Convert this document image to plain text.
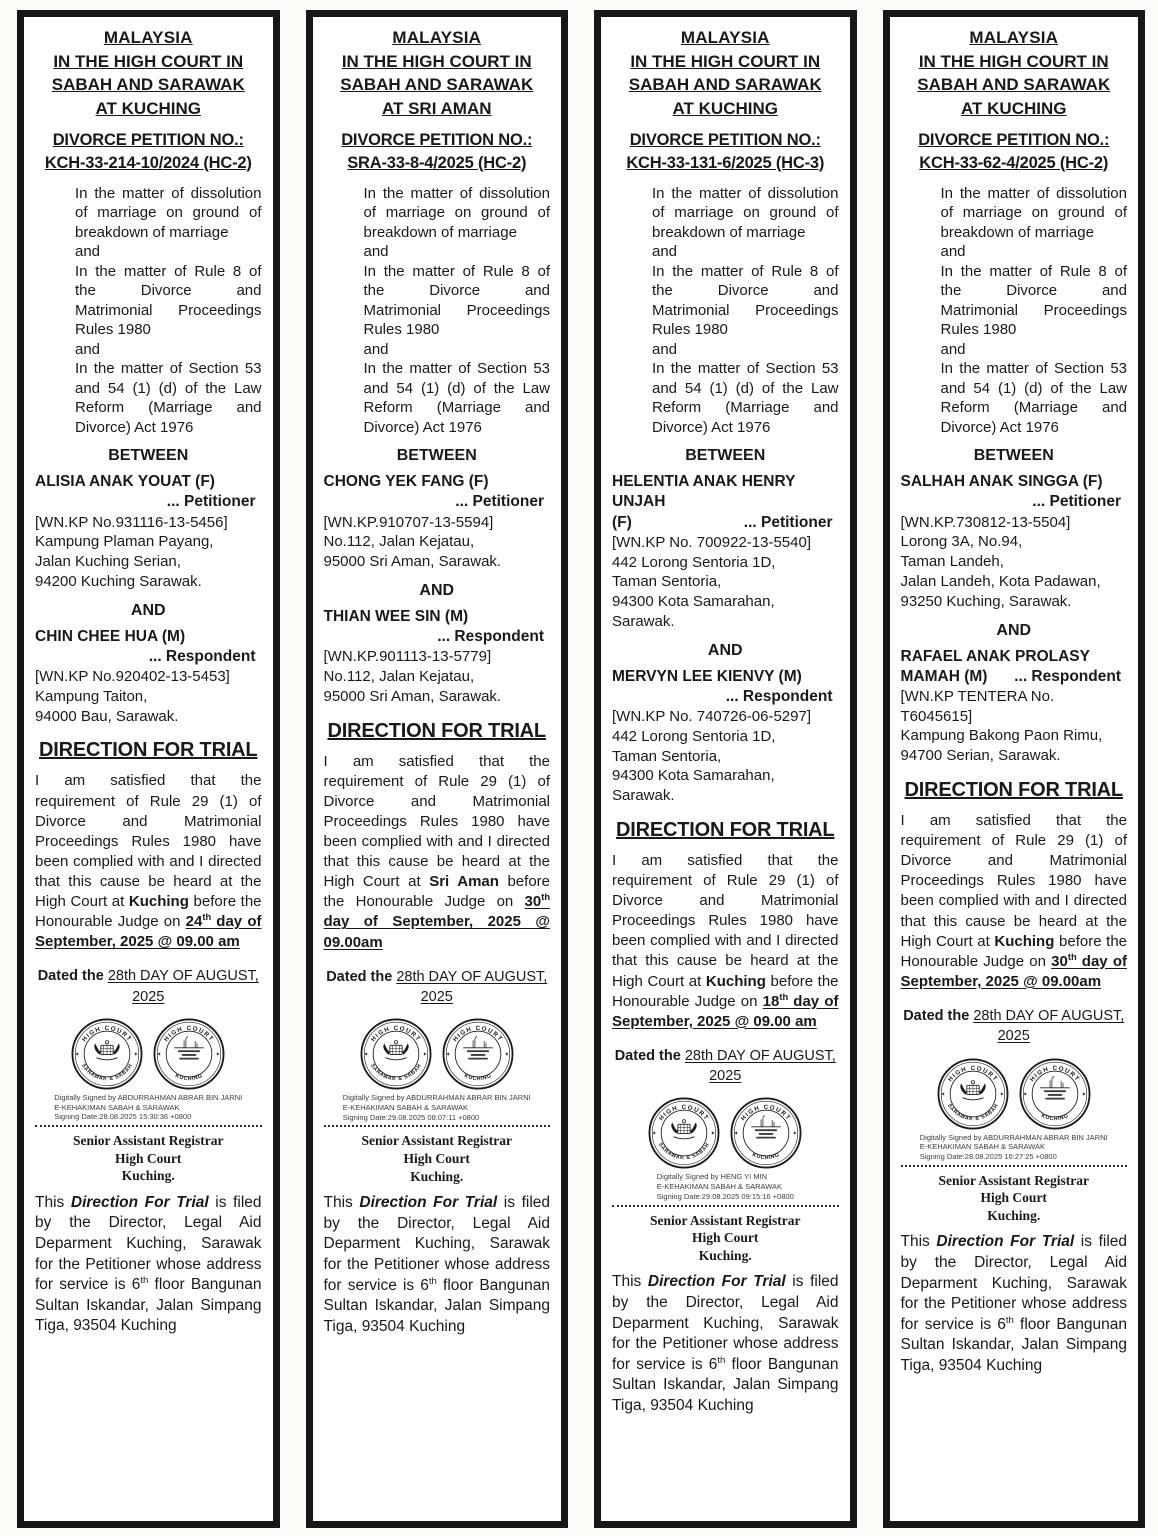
MALAYSIA
IN THE HIGH COURT IN
SABAH AND SARAWAK
AT KUCHING
DIVORCE PETITION NO.:
KCH-33-214-10/2024 (HC-2)
In the matter of dissolution of marriage on ground of breakdown of marriage
and
In the matter of Rule 8 of the Divorce and Matrimonial Proceedings Rules 1980
and
In the matter of Section 53 and 54 (1) (d) of the Law Reform (Marriage and Divorce) Act 1976
BETWEEN
ALISIA ANAK YOUAT (F)
... Petitioner
[WN.KP No.931116-13-5456]
Kampung Plaman Payang,
Jalan Kuching Serian,
94200 Kuching Sarawak.
AND
CHIN CHEE HUA (M)
... Respondent
[WN.KP No.920402-13-5453]
Kampung Taiton,
94000 Bau, Sarawak.
DIRECTION FOR TRIAL

I am satisfied that the requirement of Rule 29 (1) of Divorce and Matrimonial Proceedings Rules 1980 have been complied with and I directed that this cause be heard at the High Court at Kuching before the Honourable Judge on 24th day of September, 2025 @ 09.00 am

Dated the 28th DAY OF AUGUST, 2025

HIGH COURT
SARAWAK & SABAH
✦	✦
HIGH COURT
KUCHING
✦	✦
Digitally Signed by ABDURRAHMAN ABRAR BIN JARNI
E-KEHAKIMAN SABAH & SARAWAK
Signing Date:28.08.2025 15:30:36 +0800
Senior Assistant Registrar
High Court
Kuching.

This Direction For Trial is filed by the Director, Legal Aid Deparment Kuching, Sarawak for the Petitioner whose address for service is 6th floor Bangunan Sultan Iskandar, Jalan Simpang Tiga, 93504 Kuching

MALAYSIA
IN THE HIGH COURT IN
SABAH AND SARAWAK
AT SRI AMAN
DIVORCE PETITION NO.:
SRA-33-8-4/2025 (HC-2)
In the matter of dissolution of marriage on ground of breakdown of marriage
and
In the matter of Rule 8 of the Divorce and Matrimonial Proceedings Rules 1980
and
In the matter of Section 53 and 54 (1) (d) of the Law Reform (Marriage and Divorce) Act 1976
BETWEEN
CHONG YEK FANG (F)
... Petitioner
[WN.KP.910707-13-5594]
No.112, Jalan Kejatau,
95000 Sri Aman, Sarawak.
AND
THIAN WEE SIN (M)
... Respondent
[WN.KP.901113-13-5779]
No.112, Jalan Kejatau,
95000 Sri Aman, Sarawak.
DIRECTION FOR TRIAL

I am satisfied that the requirement of Rule 29 (1) of Divorce and Matrimonial Proceedings Rules 1980 have been complied with and I directed that this cause be heard at the High Court at Sri Aman before the Honourable Judge on 30th day of September, 2025 @ 09.00am

Dated the 28th DAY OF AUGUST, 2025

HIGH COURT
SARAWAK & SABAH
✦	✦
HIGH COURT
KUCHING
✦	✦
Digitally Signed by ABDURRAHMAN ABRAR BIN JARNI
E-KEHAKIMAN SABAH & SARAWAK
Signing Date:29.08.2025 08:07:11 +0800
Senior Assistant Registrar
High Court
Kuching.

This Direction For Trial is filed by the Director, Legal Aid Deparment Kuching, Sarawak for the Petitioner whose address for service is 6th floor Bangunan Sultan Iskandar, Jalan Simpang Tiga, 93504 Kuching

MALAYSIA
IN THE HIGH COURT IN
SABAH AND SARAWAK
AT KUCHING
DIVORCE PETITION NO.:
KCH-33-131-6/2025 (HC-3)
In the matter of dissolution of marriage on ground of breakdown of marriage
and
In the matter of Rule 8 of the Divorce and Matrimonial Proceedings Rules 1980
and
In the matter of Section 53 and 54 (1) (d) of the Law Reform (Marriage and Divorce) Act 1976
BETWEEN
HELENTIA ANAK HENRY UNJAH
(F)	... Petitioner
[WN.KP No. 700922-13-5540]
442 Lorong Sentoria 1D,
Taman Sentoria,
94300 Kota Samarahan,
Sarawak.
AND
MERVYN LEE KIENVY (M)
... Respondent
[WN.KP No. 740726-06-5297]
442 Lorong Sentoria 1D,
Taman Sentoria,
94300 Kota Samarahan,
Sarawak.
DIRECTION FOR TRIAL

I am satisfied that the requirement of Rule 29 (1) of Divorce and Matrimonial Proceedings Rules 1980 have been complied with and I directed that this cause be heard at the High Court at Kuching before the Honourable Judge on 18th day of September, 2025 @ 09.00 am

Dated the 28th DAY OF AUGUST, 2025

HIGH COURT
SARAWAK & SABAH
✦	✦
HIGH COURT
KUCHING
✦	✦
Digitally Signed by HENG YI MIN
E-KEHAKIMAN SABAH & SARAWAK
Signing Date:29.08.2025 09:15:16 +0800
Senior Assistant Registrar
High Court
Kuching.

This Direction For Trial is filed by the Director, Legal Aid Deparment Kuching, Sarawak for the Petitioner whose address for service is 6th floor Bangunan Sultan Iskandar, Jalan Simpang Tiga, 93504 Kuching

MALAYSIA
IN THE HIGH COURT IN
SABAH AND SARAWAK
AT KUCHING
DIVORCE PETITION NO.:
KCH-33-62-4/2025 (HC-2)
In the matter of dissolution of marriage on ground of breakdown of marriage
and
In the matter of Rule 8 of the Divorce and Matrimonial Proceedings Rules 1980
and
In the matter of Section 53 and 54 (1) (d) of the Law Reform (Marriage and Divorce) Act 1976
BETWEEN
SALHAH ANAK SINGGA (F)
... Petitioner
[WN.KP.730812-13-5504]
Lorong 3A, No.94,
Taman Landeh,
Jalan Landeh, Kota Padawan,
93250 Kuching, Sarawak.
AND
RAFAEL ANAK PROLASY
MAMAH (M) ... Respondent
[WN.KP TENTERA No. T6045615]
Kampung Bakong Paon Rimu,
94700 Serian, Sarawak.
DIRECTION FOR TRIAL

I am satisfied that the requirement of Rule 29 (1) of Divorce and Matrimonial Proceedings Rules 1980 have been complied with and I directed that this cause be heard at the High Court at Kuching before the Honourable Judge on 30th day of September, 2025 @ 09.00am

Dated the 28th DAY OF AUGUST, 2025

HIGH COURT
SARAWAK & SABAH
✦	✦
HIGH COURT
KUCHING
✦	✦
Digitally Signed by ABDURRAHMAN ABRAR BIN JARNI
E-KEHAKIMAN SABAH & SARAWAK
Signing Date:28.08.2025 16:27:25 +0800
Senior Assistant Registrar
High Court
Kuching.

This Direction For Trial is filed by the Director, Legal Aid Deparment Kuching, Sarawak for the Petitioner whose address for service is 6th floor Bangunan Sultan Iskandar, Jalan Simpang Tiga, 93504 Kuching
